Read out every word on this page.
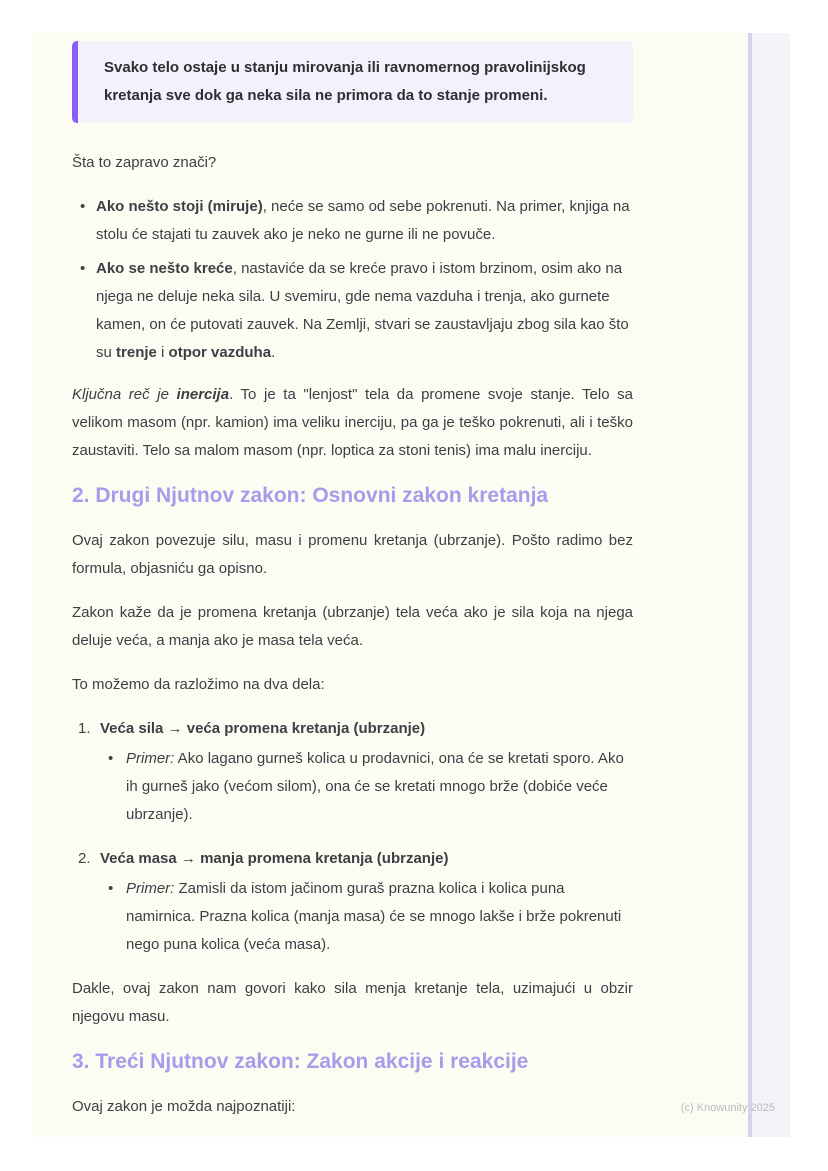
Svako telo ostaje u stanju mirovanja ili ravnomernog pravolinijskog kretanja sve dok ga neka sila ne primora da to stanje promeni.

Šta to zapravo znači?

• Ako nešto stoji (miruje), neće se samo od sebe pokrenuti. Na primer, knjiga na stolu će stajati tu zauvek ako je neko ne gurne ili ne povuče.
• Ako se nešto kreće, nastaviće da se kreće pravo i istom brzinom, osim ako na njega ne deluje neka sila. U svemiru, gde nema vazduha i trenja, ako gurnete kamen, on će putovati zauvek. Na Zemlji, stvari se zaustavljaju zbog sila kao što su trenje i otpor vazduha.

Ključna reč je inercija. To je ta "lenjost" tela da promene svoje stanje. Telo sa velikom masom (npr. kamion) ima veliku inerciju, pa ga je teško pokrenuti, ali i teško zaustaviti. Telo sa malom masom (npr. loptica za stoni tenis) ima malu inerciju.

2. Drugi Njutnov zakon: Osnovni zakon kretanja

Ovaj zakon povezuje silu, masu i promenu kretanja (ubrzanje). Pošto radimo bez formula, objasniću ga opisno.

Zakon kaže da je promena kretanja (ubrzanje) tela veća ako je sila koja na njega deluje veća, a manja ako je masa tela veća.

To možemo da razložimo na dva dela:

1. Veća sila → veća promena kretanja (ubrzanje)
• Primer: Ako lagano gurneš kolica u prodavnici, ona će se kretati sporo. Ako ih gurneš jako (većom silom), ona će se kretati mnogo brže (dobiće veće ubrzanje).
2. Veća masa → manja promena kretanja (ubrzanje)
• Primer: Zamisli da istom jačinom guraš prazna kolica i kolica puna namirnica. Prazna kolica (manja masa) će se mnogo lakše i brže pokrenuti nego puna kolica (veća masa).

Dakle, ovaj zakon nam govori kako sila menja kretanje tela, uzimajući u obzir njegovu masu.

3. Treći Njutnov zakon: Zakon akcije i reakcije

Ovaj zakon je možda najpoznatiji:	(c) Knowunity 2025
